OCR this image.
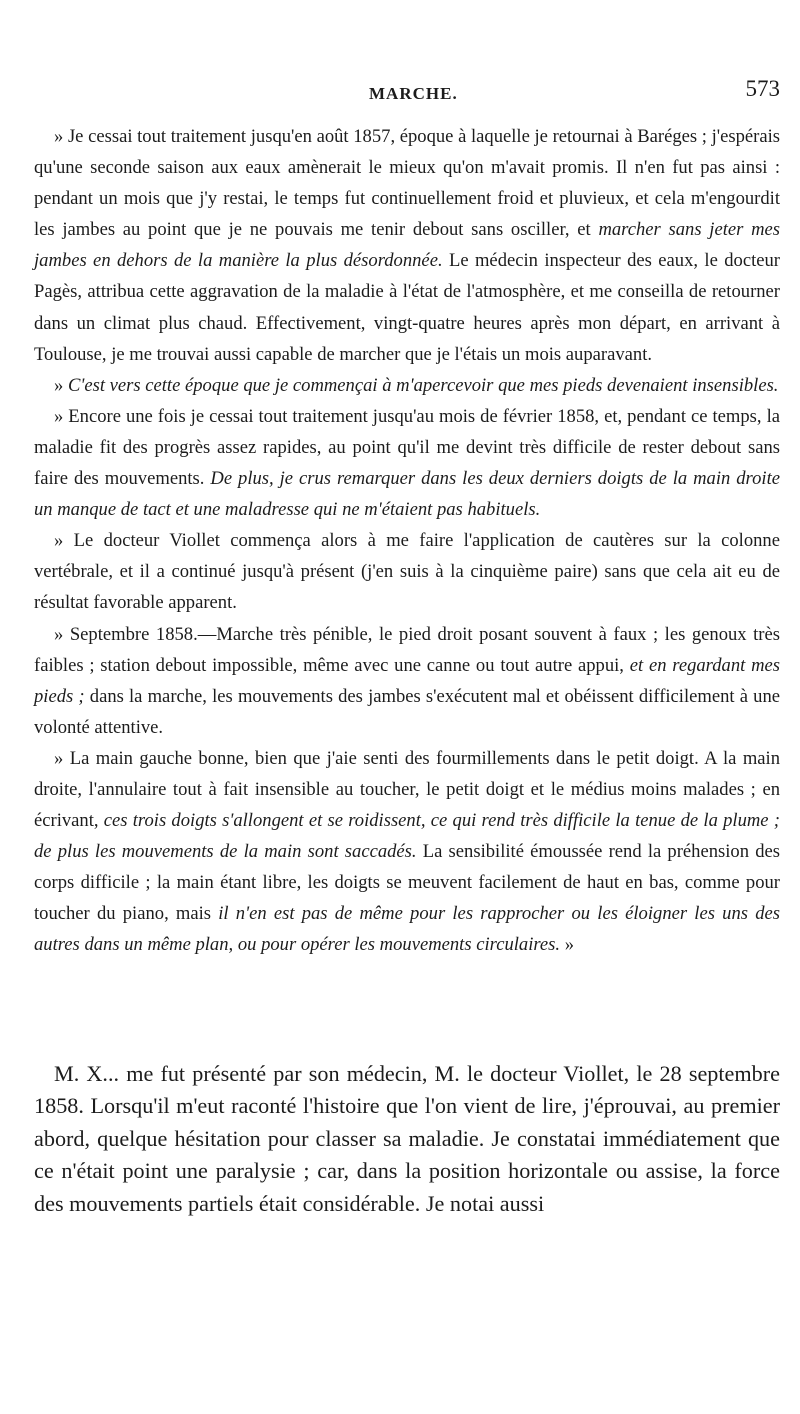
MARCHE.	573

» Je cessai tout traitement jusqu'en août 1857, époque à laquelle je retournai à Baréges ; j'espérais qu'une seconde saison aux eaux amènerait le mieux qu'on m'avait promis. Il n'en fut pas ainsi : pendant un mois que j'y restai, le temps fut continuellement froid et pluvieux, et cela m'engourdit les jambes au point que je ne pouvais me tenir debout sans osciller, et marcher sans jeter mes jambes en dehors de la manière la plus désordonnée. Le médecin inspecteur des eaux, le docteur Pagès, attribua cette aggravation de la maladie à l'état de l'atmosphère, et me conseilla de retourner dans un climat plus chaud. Effectivement, vingt-quatre heures après mon départ, en arrivant à Toulouse, je me trouvai aussi capable de marcher que je l'étais un mois auparavant.

» C'est vers cette époque que je commençai à m'apercevoir que mes pieds devenaient insensibles.

» Encore une fois je cessai tout traitement jusqu'au mois de février 1858, et, pendant ce temps, la maladie fit des progrès assez rapides, au point qu'il me devint très difficile de rester debout sans faire des mouvements. De plus, je crus remarquer dans les deux derniers doigts de la main droite un manque de tact et une maladresse qui ne m'étaient pas habituels.

» Le docteur Viollet commença alors à me faire l'application de cautères sur la colonne vertébrale, et il a continué jusqu'à présent (j'en suis à la cinquième paire) sans que cela ait eu de résultat favorable apparent.

» Septembre 1858.—Marche très pénible, le pied droit posant souvent à faux ; les genoux très faibles ; station debout impossible, même avec une canne ou tout autre appui, et en regardant mes pieds ; dans la marche, les mouvements des jambes s'exécutent mal et obéissent difficilement à une volonté attentive.

» La main gauche bonne, bien que j'aie senti des fourmillements dans le petit doigt. A la main droite, l'annulaire tout à fait insensible au toucher, le petit doigt et le médius moins malades ; en écrivant, ces trois doigts s'allongent et se roidissent, ce qui rend très difficile la tenue de la plume ; de plus les mouvements de la main sont saccadés. La sensibilité émoussée rend la préhension des corps difficile ; la main étant libre, les doigts se meuvent facilement de haut en bas, comme pour toucher du piano, mais il n'en est pas de même pour les rapprocher ou les éloigner les uns des autres dans un même plan, ou pour opérer les mouvements circulaires. »

M. X... me fut présenté par son médecin, M. le docteur Viollet, le 28 septembre 1858. Lorsqu'il m'eut raconté l'histoire que l'on vient de lire, j'éprouvai, au premier abord, quelque hésitation pour classer sa maladie. Je constatai immédiatement que ce n'était point une paralysie ; car, dans la position horizontale ou assise, la force des mouvements partiels était considérable. Je notai aussi
